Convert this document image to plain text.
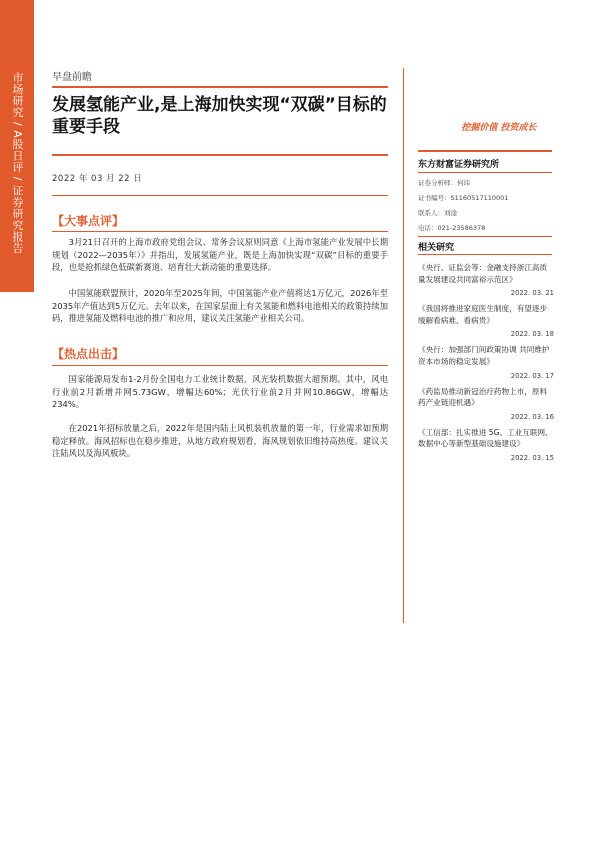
市场研究 / A股日评 / 证券研究报告	早盘前瞻
发展氢能产业,是上海加快实现“双碳”目标的重要手段
2022 年 03 月 22 日
【大事点评】

3月21日召开的上海市政府党组会议、常务会议原则同意《上海市氢能产业发展中长期规划（2022—2035年）》并指出，发展氢能产业，既是上海加快实现“双碳”目标的重要手段，也是抢抓绿色低碳新赛道、培育壮大新动能的重要选择。

中国氢能联盟预计，2020年至2025年间，中国氢能产业产值将达1万亿元，2026年至2035年产值达到5万亿元。去年以来，在国家层面上有关氢能和燃料电池相关的政策持续加码，推进氢能及燃料电池的推广和应用，建议关注氢能产业相关公司。

【热点出击】

国家能源局发布1-2月份全国电力工业统计数据，风光装机数据大超预期。其中，风电行业前2月新增并网5.73GW，增幅达60%；光伏行业前2月并网10.86GW，增幅达234%。

在2021年招标放量之后，2022年是国内陆上风机装机放量的第一年，行业需求如预期稳定释放。海风招标也在稳步推进，从地方政府规划看，海风规划依旧维持高热度。建议关注陆风以及海风板块。

挖掘价值 投资成长
东方财富证券研究所
证券分析师：何玮
证书编号：S1160517110001
联系人：刘淦
电话：021-23586378
相关研究
《央行、证监会等：金融支持浙江高质量发展建设共同富裕示范区》
2022. 03. 21
《我国将推进家庭医生制度，有望逐步缓解看病难、看病贵》
2022. 03. 18
《央行：加强部门间政策协调 共同维护资本市场的稳定发展》
2022. 03. 17
《药监局推动新冠治疗药物上市，原料药产业链迎机遇》
2022. 03. 16
《工信部：扎实推进 5G、工业互联网、数据中心等新型基础设施建设》
2022. 03. 15
